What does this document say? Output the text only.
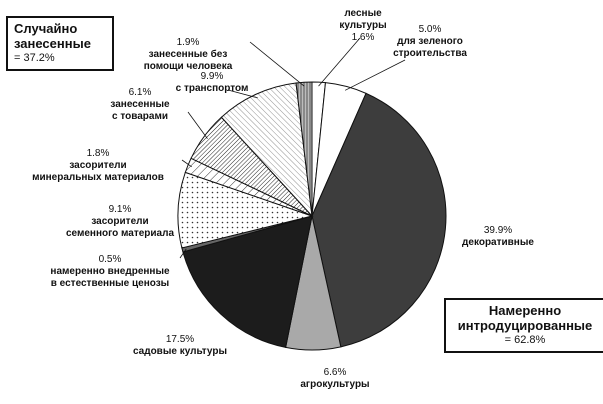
Случайно занесенные
= 37.2%
Намеренно интродуцированные
= 62.8%
лесные
культуры
1.6%
5.0%
для зеленого
строительства
39.9%
декоративные
6.6%
агрокультуры
17.5%
садовые культуры
0.5%
намеренно внедренные
в естественные ценозы
9.1%
засорители
семенного материала
1.8%
засорители
минеральных материалов
6.1%
занесенные
с товарами
9.9%
с транспортом
1.9%
занесенные без
помощи человека
